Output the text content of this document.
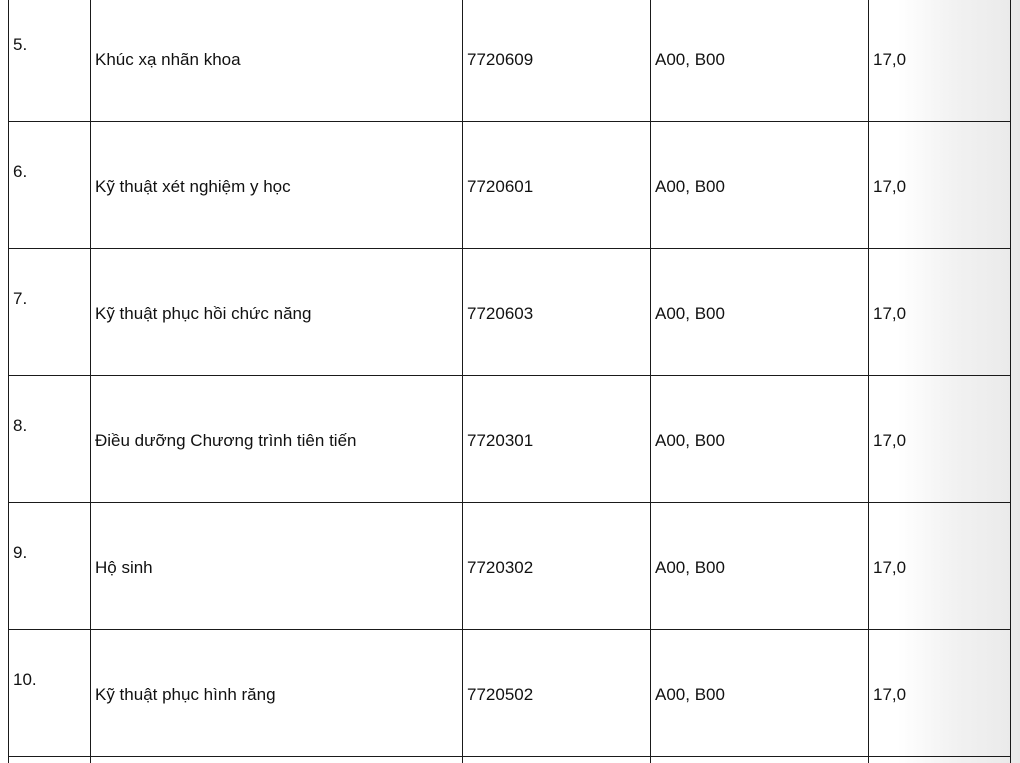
5.	Khúc xạ nhãn khoa	7720609	A00, B00	17,0

6.	Kỹ thuật xét nghiệm y học	7720601	A00, B00	17,0

7.	Kỹ thuật phục hồi chức năng	7720603	A00, B00	17,0

8.	Điều dưỡng Chương trình tiên tiến	7720301	A00, B00	17,0

9.	Hộ sinh	7720302	A00, B00	17,0

10.	Kỹ thuật phục hình răng	7720502	A00, B00	17,0
